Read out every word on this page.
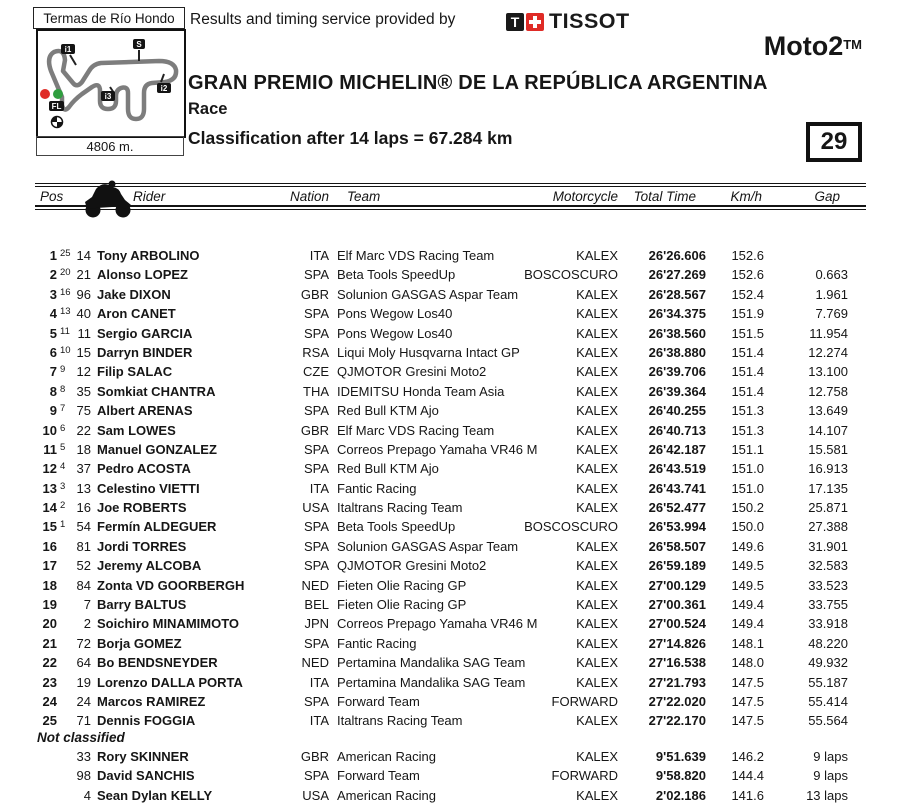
Termas de Río Hondo
S
i1
i2
i3
FL
4806 m.
Results and timing service provided by	T TISSOT
Moto2™
GRAN PREMIO MICHELIN® DE LA REPÚBLICA ARGENTINA
Race
Classification after 14 laps = 67.284 km	29
Pos	Rider	Nation	Team	Motorcycle	Total Time	Km/h	Gap
1 25 14 Tony ARBOLINO	ITA Elf Marc VDS Racing Team	KALEX	26'26.606	152.6
2 20 21 Alonso LOPEZ	SPA Beta Tools SpeedUp	BOSCOSCURO	26'27.269	152.6	0.663
3 16 96 Jake DIXON	GBR Solunion GASGAS Aspar Team	KALEX	26'28.567	152.4	1.961
4 13 40 Aron CANET	SPA Pons Wegow Los40	KALEX	26'34.375	151.9	7.769
5 11 11 Sergio GARCIA	SPA Pons Wegow Los40	KALEX	26'38.560	151.5	11.954
6 10 15 Darryn BINDER	RSA Liqui Moly Husqvarna Intact GP	KALEX	26'38.880	151.4	12.274
7 9 12 Filip SALAC	CZE QJMOTOR Gresini Moto2	KALEX	26'39.706	151.4	13.100
8 8 35 Somkiat CHANTRA	THA IDEMITSU Honda Team Asia	KALEX	26'39.364	151.4	12.758
9 7 75 Albert ARENAS	SPA Red Bull KTM Ajo	KALEX	26'40.255	151.3	13.649
10 6 22 Sam LOWES	GBR Elf Marc VDS Racing Team	KALEX	26'40.713	151.3	14.107
11 5 18 Manuel GONZALEZ	SPA Correos Prepago Yamaha VR46 M	KALEX	26'42.187	151.1	15.581
12 4 37 Pedro ACOSTA	SPA Red Bull KTM Ajo	KALEX	26'43.519	151.0	16.913
13 3 13 Celestino VIETTI	ITA Fantic Racing	KALEX	26'43.741	151.0	17.135
14 2 16 Joe ROBERTS	USA Italtrans Racing Team	KALEX	26'52.477	150.2	25.871
15 1 54 Fermín ALDEGUER	SPA Beta Tools SpeedUp	BOSCOSCURO	26'53.994	150.0	27.388
16 81 Jordi TORRES	SPA Solunion GASGAS Aspar Team	KALEX	26'58.507	149.6	31.901
17 52 Jeremy ALCOBA	SPA QJMOTOR Gresini Moto2	KALEX	26'59.189	149.5	32.583
18 84 Zonta VD GOORBERGH	NED Fieten Olie Racing GP	KALEX	27'00.129	149.5	33.523
19	7 Barry BALTUS	BEL Fieten Olie Racing GP	KALEX	27'00.361	149.4	33.755
20	2 Soichiro MINAMIMOTO	JPN Correos Prepago Yamaha VR46 M	KALEX	27'00.524	149.4	33.918
21 72 Borja GOMEZ	SPA Fantic Racing	KALEX	27'14.826	148.1	48.220
22 64 Bo BENDSNEYDER	NED Pertamina Mandalika SAG Team	KALEX	27'16.538	148.0	49.932
23 19 Lorenzo DALLA PORTA	ITA Pertamina Mandalika SAG Team	KALEX	27'21.793	147.5	55.187
24 24 Marcos RAMIREZ	SPA Forward Team	FORWARD	27'22.020	147.5	55.414
25 71 Dennis FOGGIA	ITA Italtrans Racing Team	KALEX	27'22.170	147.5	55.564
Not classified
33 Rory SKINNER	GBR American Racing	KALEX	9'51.639	146.2	9 laps
98 David SANCHIS	SPA Forward Team	FORWARD	9'58.820	144.4	9 laps
4 Sean Dylan KELLY	USA American Racing	KALEX	2'02.186	141.6	13 laps
